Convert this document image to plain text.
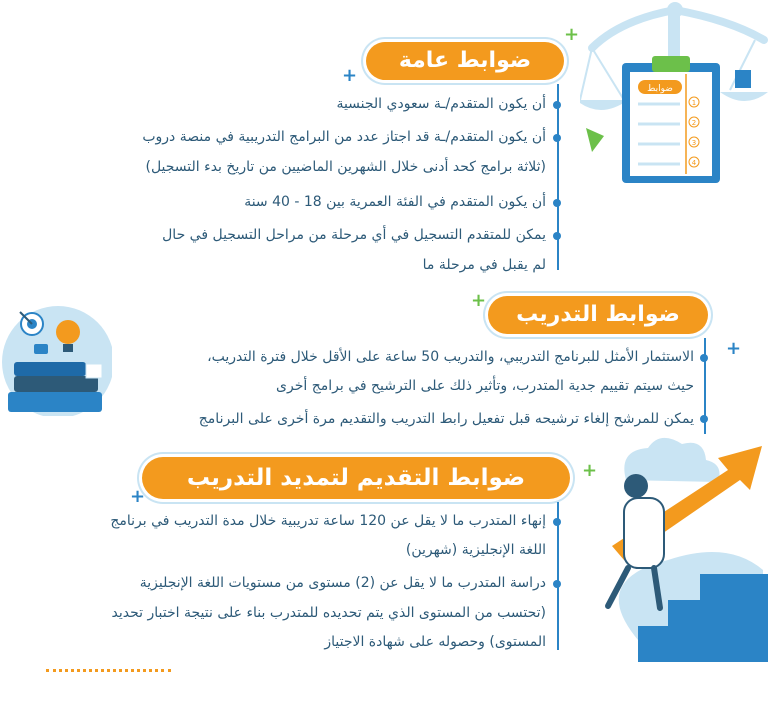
ضوابط عامة
أن يكون المتقدم/ـة سعودي الجنسية
أن يكون المتقدم/ـة قد اجتاز عدد من البرامج التدريبية في منصة دروب
(ثلاثة برامج كحد أدنى خلال الشهرين الماضيين من تاريخ بدء التسجيل)
أن يكون المتقدم في الفئة العمرية بين 18 - 40 سنة
يمكن للمتقدم التسجيل في أي مرحلة من مراحل التسجيل في حال
لم يقبل في مرحلة ما
+
+
ضوابط
1
2
3
4
ضوابط التدريب
الاستثمار الأمثل للبرنامج التدريبي، والتدريب 50 ساعة على الأقل خلال فترة التدريب،
حيث سيتم تقييم جدية المتدرب، وتأثير ذلك على الترشيح في برامج أخرى
يمكن للمرشح إلغاء ترشيحه قبل تفعيل رابط التدريب والتقديم مرة أخرى على البرنامج
+
+
ضوابط التقديم لتمديد التدريب
إنهاء المتدرب ما لا يقل عن 120 ساعة تدريبية خلال مدة التدريب في برنامج
اللغة الإنجليزية (شهرين)
دراسة المتدرب ما لا يقل عن (2) مستوى من مستويات اللغة الإنجليزية
(تحتسب من المستوى الذي يتم تحديده للمتدرب بناء على نتيجة اختبار تحديد
المستوى) وحصوله على شهادة الاجتياز
+
+
